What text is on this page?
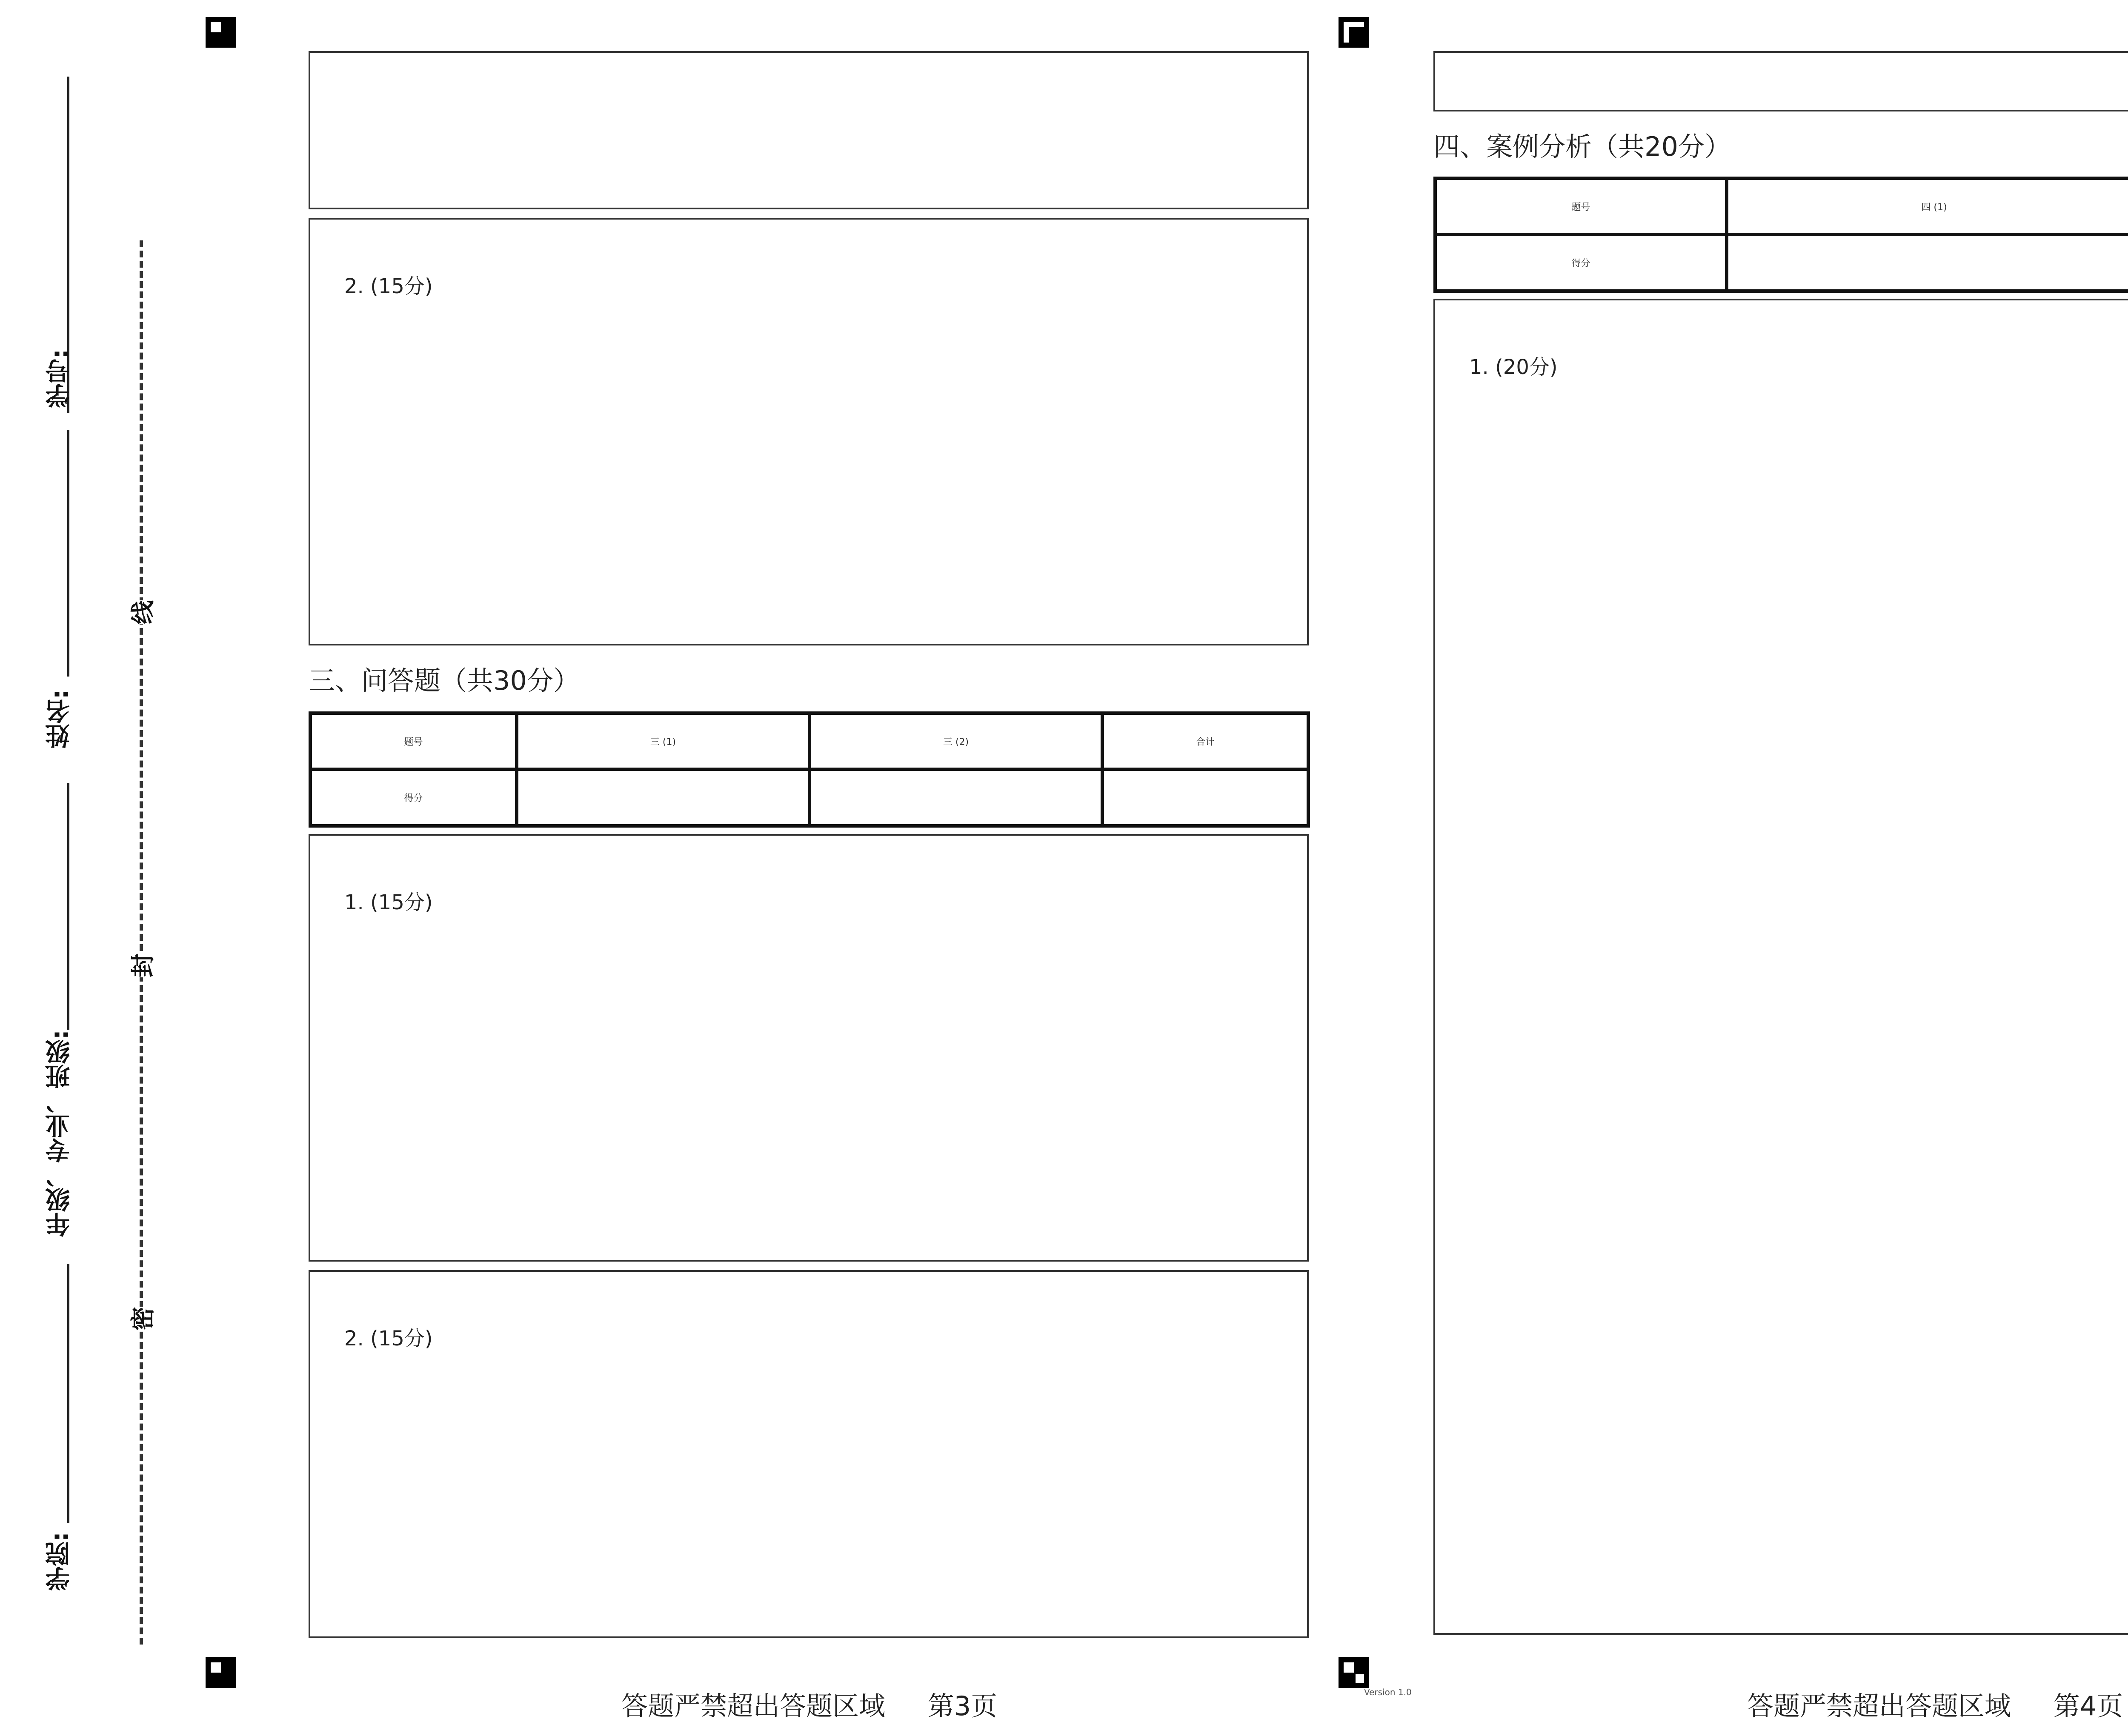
学号:
姓名:
年级、专业、班级:
学院:
线
封
密
2. (15分)
三、问答题（共30分）
题号	三 (1)	三 (2)	合计
得分			
1. (15分)
2. (15分)
答题严禁超出答题区域 第3页	Version 1.0
四、案例分析（共20分）
题号	四 (1)	
得分		
1. (20分)
答题严禁超出答题区域 第4页
